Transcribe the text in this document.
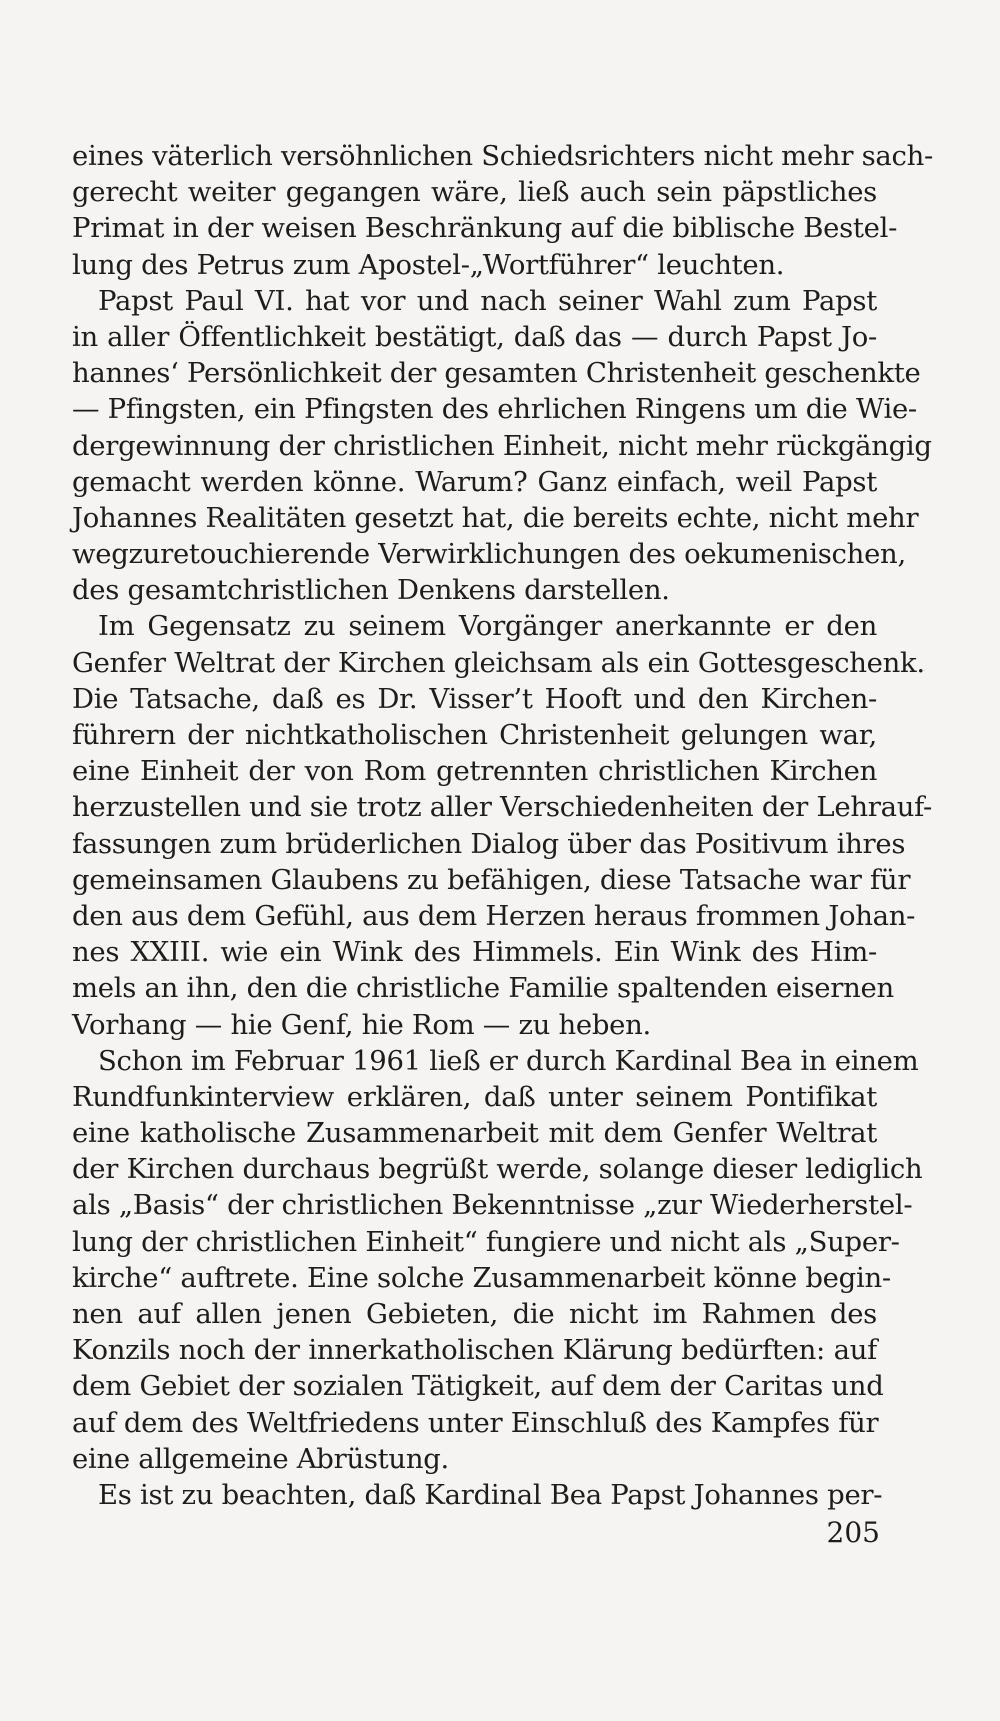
eines väterlich versöhnlichen Schiedsrichters nicht mehr sach-
gerecht weiter gegangen wäre, ließ auch sein päpstliches
Primat in der weisen Beschränkung auf die biblische Bestel-
lung des Petrus zum Apostel-„Wortführer“ leuchten.
Papst Paul VI. hat vor und nach seiner Wahl zum Papst
in aller Öffentlichkeit bestätigt, daß das — durch Papst Jo-
hannes‘ Persönlichkeit der gesamten Christenheit geschenkte
— Pfingsten, ein Pfingsten des ehrlichen Ringens um die Wie-
dergewinnung der christlichen Einheit, nicht mehr rückgängig
gemacht werden könne. Warum? Ganz einfach, weil Papst
Johannes Realitäten gesetzt hat, die bereits echte, nicht mehr
wegzuretouchierende Verwirklichungen des oekumenischen,
des gesamtchristlichen Denkens darstellen.
Im Gegensatz zu seinem Vorgänger anerkannte er den
Genfer Weltrat der Kirchen gleichsam als ein Gottesgeschenk.
Die Tatsache, daß es Dr. Visser’t Hooft und den Kirchen-
führern der nichtkatholischen Christenheit gelungen war,
eine Einheit der von Rom getrennten christlichen Kirchen
herzustellen und sie trotz aller Verschiedenheiten der Lehrauf-
fassungen zum brüderlichen Dialog über das Positivum ihres
gemeinsamen Glaubens zu befähigen, diese Tatsache war für
den aus dem Gefühl, aus dem Herzen heraus frommen Johan-
nes XXIII. wie ein Wink des Himmels. Ein Wink des Him-
mels an ihn, den die christliche Familie spaltenden eisernen
Vorhang — hie Genf, hie Rom — zu heben.
Schon im Februar 1961 ließ er durch Kardinal Bea in einem
Rundfunkinterview erklären, daß unter seinem Pontifikat
eine katholische Zusammenarbeit mit dem Genfer Weltrat
der Kirchen durchaus begrüßt werde, solange dieser lediglich
als „Basis“ der christlichen Bekenntnisse „zur Wiederherstel-
lung der christlichen Einheit“ fungiere und nicht als „Super-
kirche“ auftrete. Eine solche Zusammenarbeit könne begin-
nen auf allen jenen Gebieten, die nicht im Rahmen des
Konzils noch der innerkatholischen Klärung bedürften: auf
dem Gebiet der sozialen Tätigkeit, auf dem der Caritas und
auf dem des Weltfriedens unter Einschluß des Kampfes für
eine allgemeine Abrüstung.
Es ist zu beachten, daß Kardinal Bea Papst Johannes per-
205
